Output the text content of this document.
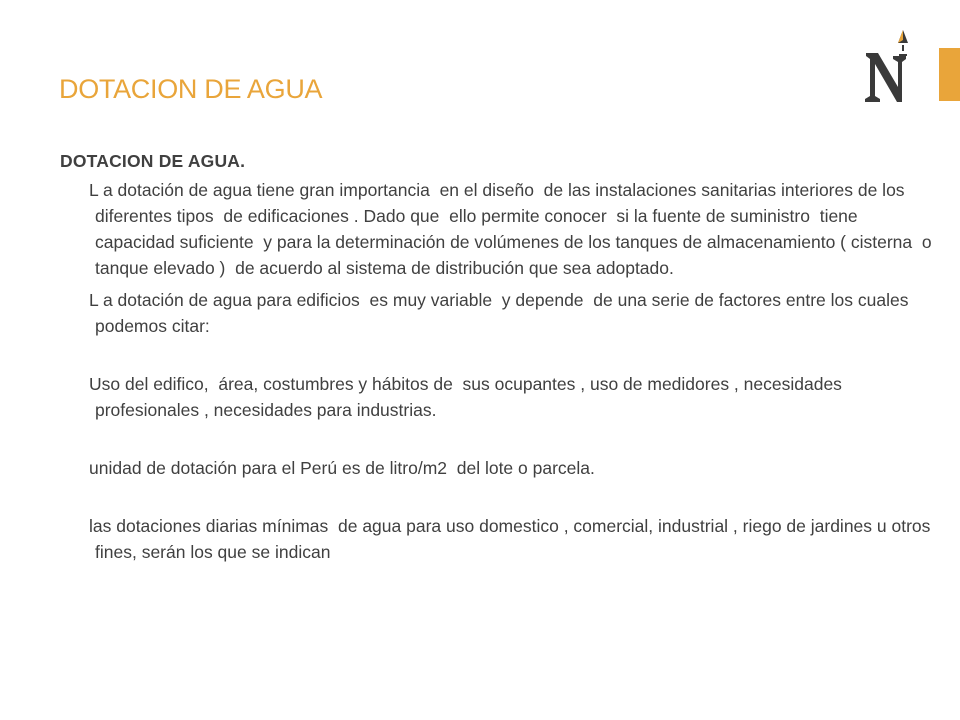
DOTACION DE AGUA

DOTACION DE AGUA.

L a dotación de agua tiene gran importancia  en el diseño  de las instalaciones sanitarias interiores de los diferentes tipos  de edificaciones . Dado que  ello permite conocer  si la fuente de suministro  tiene capacidad suficiente  y para la determinación de volúmenes de los tanques de almacenamiento ( cisterna  o tanque elevado )  de acuerdo al sistema de distribución que sea adoptado.

L a dotación de agua para edificios  es muy variable  y depende  de una serie de factores entre los cuales podemos citar:

Uso del edifico,  área, costumbres y hábitos de  sus ocupantes , uso de medidores , necesidades profesionales , necesidades para industrias.

unidad de dotación para el Perú es de litro/m2  del lote o parcela.

las dotaciones diarias mínimas  de agua para uso domestico , comercial, industrial , riego de jardines u otros fines, serán los que se indican
